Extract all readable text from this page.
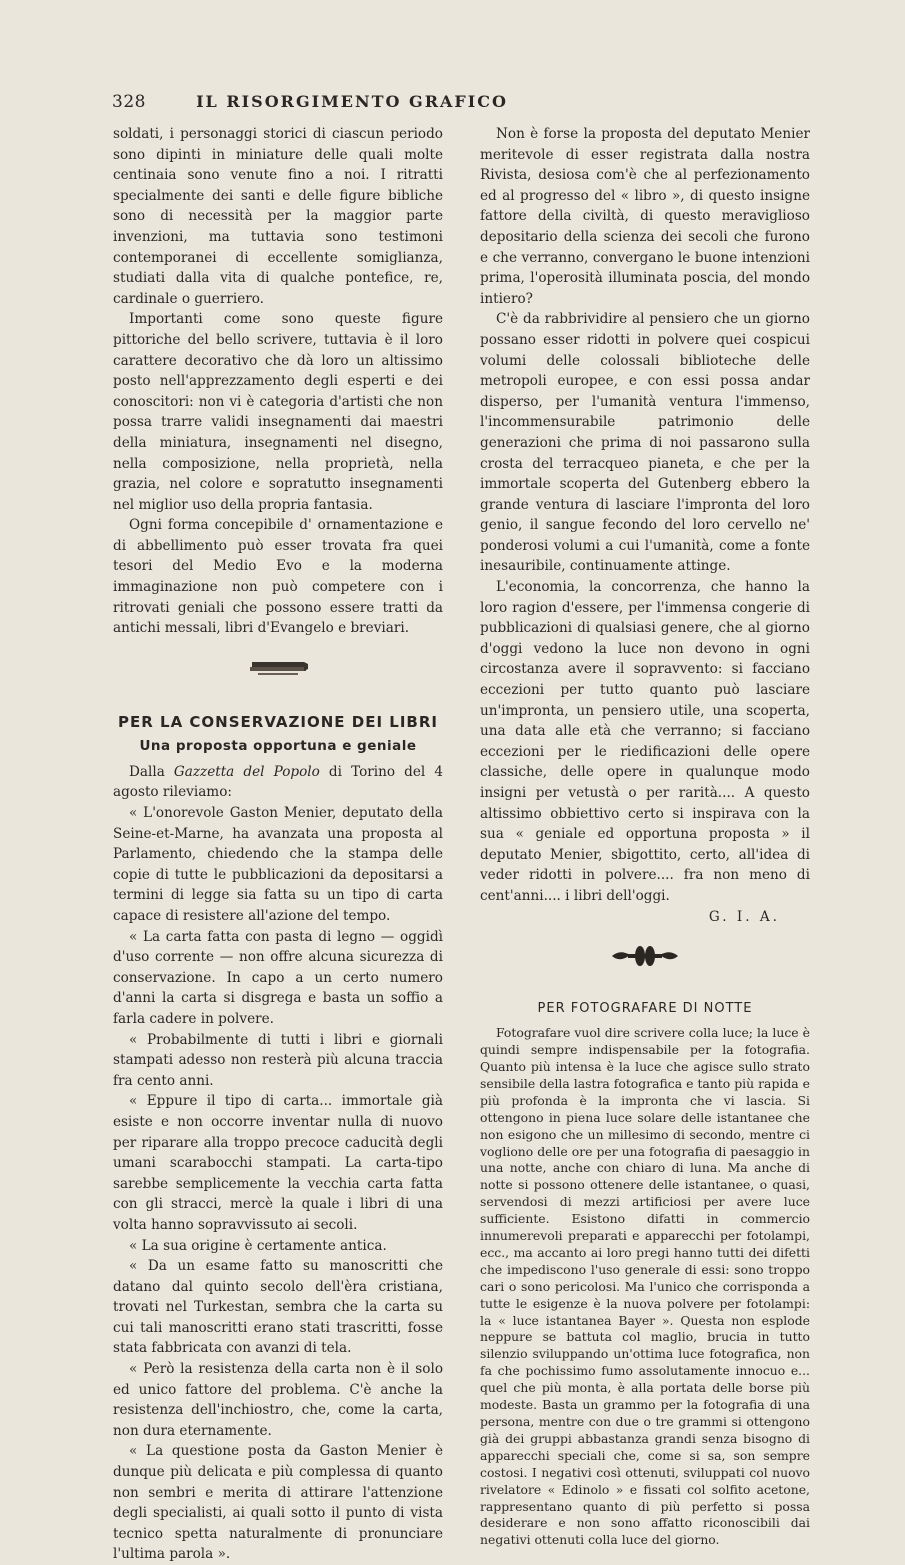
328	IL RISORGIMENTO GRAFICO

soldati, i personaggi storici di ciascun periodo sono dipinti in miniature delle quali molte centinaia sono venute fino a noi. I ritratti specialmente dei santi e delle figure bibliche sono di necessità per la maggior parte invenzioni, ma tuttavia sono testimoni contemporanei di eccellente somiglianza, studiati dalla vita di qualche pontefice, re, cardinale o guerriero.

Importanti come sono queste figure pittoriche del bello scrivere, tuttavia è il loro carattere decorativo che dà loro un altissimo posto nell'apprezzamento degli esperti e dei conoscitori: non vi è categoria d'artisti che non possa trarre validi insegnamenti dai maestri della miniatura, insegnamenti nel disegno, nella composizione, nella proprietà, nella grazia, nel colore e sopratutto insegnamenti nel miglior uso della propria fantasia.

Ogni forma concepibile d' ornamentazione e di abbellimento può esser trovata fra quei tesori del Medio Evo e la moderna immaginazione non può competere con i ritrovati geniali che possono essere tratti da antichi messali, libri d'Evangelo e breviari.

PER LA CONSERVAZIONE DEI LIBRI
Una proposta opportuna e geniale

Dalla Gazzetta del Popolo di Torino del 4 agosto rileviamo:

« L'onorevole Gaston Menier, deputato della Seine-et-Marne, ha avanzata una proposta al Parlamento, chiedendo che la stampa delle copie di tutte le pubblicazioni da depositarsi a termini di legge sia fatta su un tipo di carta capace di resistere all'azione del tempo.

« La carta fatta con pasta di legno — oggidì d'uso corrente — non offre alcuna sicurezza di conservazione. In capo a un certo numero d'anni la carta si disgrega e basta un soffio a farla cadere in polvere.

« Probabilmente di tutti i libri e giornali stampati adesso non resterà più alcuna traccia fra cento anni.

« Eppure il tipo di carta... immortale già esiste e non occorre inventar nulla di nuovo per riparare alla troppo precoce caducità degli umani scarabocchi stampati. La carta-tipo sarebbe semplicemente la vecchia carta fatta con gli stracci, mercè la quale i libri di una volta hanno sopravvissuto ai secoli.

« La sua origine è certamente antica.

« Da un esame fatto su manoscritti che datano dal quinto secolo dell'èra cristiana, trovati nel Turkestan, sembra che la carta su cui tali manoscritti erano stati trascritti, fosse stata fabbricata con avanzi di tela.

« Però la resistenza della carta non è il solo ed unico fattore del problema. C'è anche la resistenza dell'inchiostro, che, come la carta, non dura eternamente.

« La questione posta da Gaston Menier è dunque più delicata e più complessa di quanto non sembri e merita di attirare l'attenzione degli specialisti, ai quali sotto il punto di vista tecnico spetta naturalmente di pronunciare l'ultima parola ».

Non è forse la proposta del deputato Menier meritevole di esser registrata dalla nostra Rivista, desiosa com'è che al perfezionamento ed al progresso del « libro », di questo insigne fattore della civiltà, di questo meraviglioso depositario della scienza dei secoli che furono e che verranno, convergano le buone intenzioni prima, l'operosità illuminata poscia, del mondo intiero?

C'è da rabbrividire al pensiero che un giorno possano esser ridotti in polvere quei cospicui volumi delle colossali biblioteche delle metropoli europee, e con essi possa andar disperso, per l'umanità ventura l'immenso, l'incommensurabile patrimonio delle generazioni che prima di noi passarono sulla crosta del terracqueo pianeta, e che per la immortale scoperta del Gutenberg ebbero la grande ventura di lasciare l'impronta del loro genio, il sangue fecondo del loro cervello ne' ponderosi volumi a cui l'umanità, come a fonte inesauribile, continuamente attinge.

L'economia, la concorrenza, che hanno la loro ragion d'essere, per l'immensa congerie di pubblicazioni di qualsiasi genere, che al giorno d'oggi vedono la luce non devono in ogni circostanza avere il sopravvento: si facciano eccezioni per tutto quanto può lasciare un'impronta, un pensiero utile, una scoperta, una data alle età che verranno; si facciano eccezioni per le riedificazioni delle opere classiche, delle opere in qualunque modo insigni per vetustà o per rarità.... A questo altissimo obbiettivo certo si inspirava con la sua « geniale ed opportuna proposta » il deputato Menier, sbigottito, certo, all'idea di veder ridotti in polvere.... fra non meno di cent'anni.... i libri dell'oggi.

G. I. A.

PER FOTOGRAFARE DI NOTTE

Fotografare vuol dire scrivere colla luce; la luce è quindi sempre indispensabile per la fotografia. Quanto più intensa è la luce che agisce sullo strato sensibile della lastra fotografica e tanto più rapida e più profonda è la impronta che vi lascia. Si ottengono in piena luce solare delle istantanee che non esigono che un millesimo di secondo, mentre ci vogliono delle ore per una fotografia di paesaggio in una notte, anche con chiaro di luna. Ma anche di notte si possono ottenere delle istantanee, o quasi, servendosi di mezzi artificiosi per avere luce sufficiente. Esistono difatti in commercio innumerevoli preparati e apparecchi per fotolampi, ecc., ma accanto ai loro pregi hanno tutti dei difetti che impediscono l'uso generale di essi: sono troppo cari o sono pericolosi. Ma l'unico che corrisponda a tutte le esigenze è la nuova polvere per fotolampi: la « luce istantanea Bayer ». Questa non esplode neppure se battuta col maglio, brucia in tutto silenzio sviluppando un'ottima luce fotografica, non fa che pochissimo fumo assolutamente innocuo e... quel che più monta, è alla portata delle borse più modeste. Basta un grammo per la fotografia di una persona, mentre con due o tre grammi si ottengono già dei gruppi abbastanza grandi senza bisogno di apparecchi speciali che, come si sa, son sempre costosi. I negativi così ottenuti, sviluppati col nuovo rivelatore « Edinolo » e fissati col solfito acetone, rappresentano quanto di più perfetto si possa desiderare e non sono affatto riconoscibili dai negativi ottenuti colla luce del giorno.
